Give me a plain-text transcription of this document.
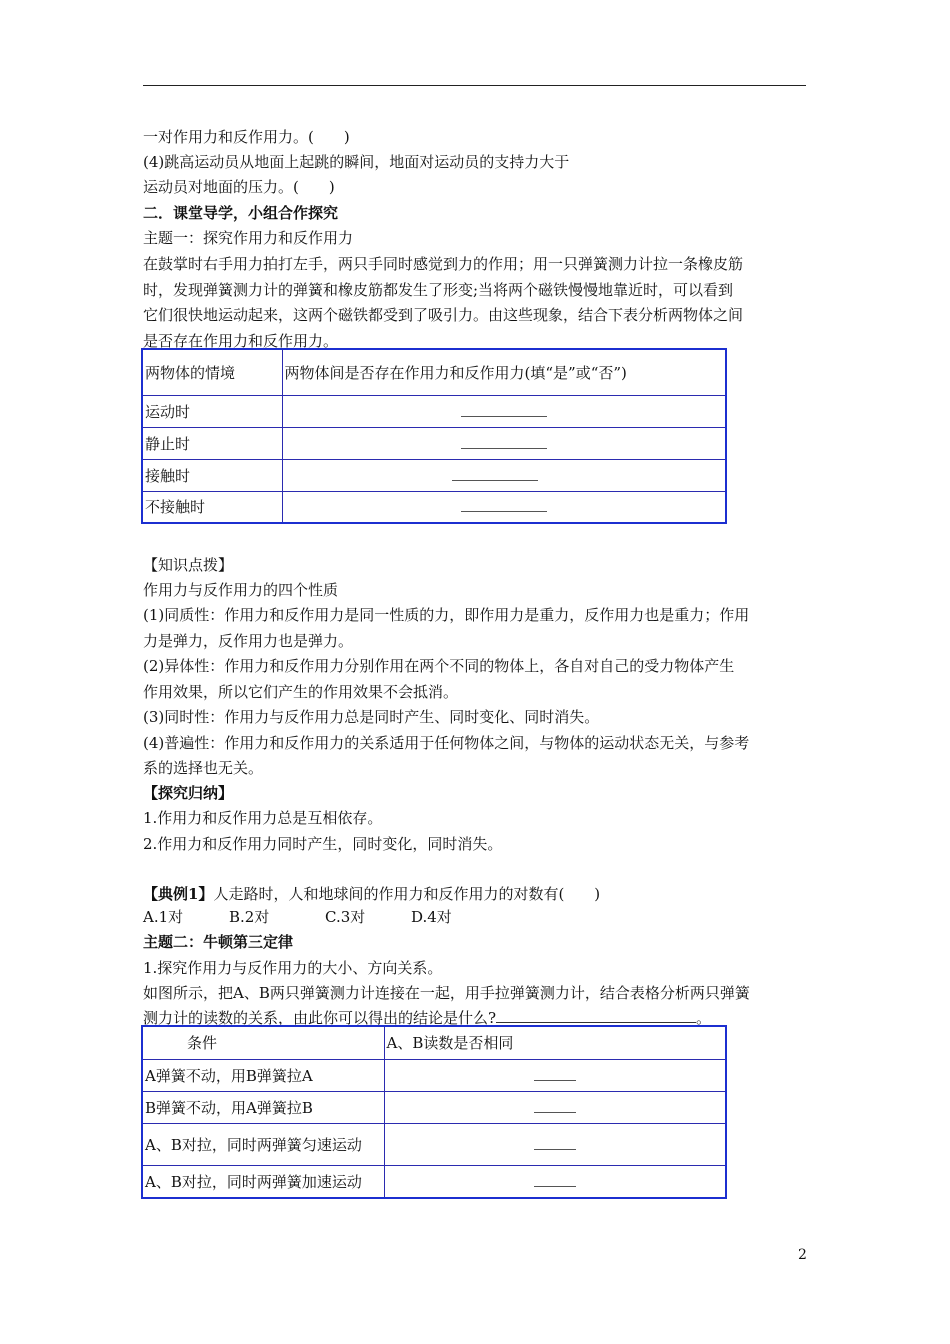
一对作用力和反作用力。(　　)
(4)跳高运动员从地面上起跳的瞬间，地面对运动员的支持力大于
运动员对地面的压力。(　　)
二．课堂导学，小组合作探究
主题一：探究作用力和反作用力
在鼓掌时右手用力拍打左手，两只手同时感觉到力的作用；用一只弹簧测力计拉一条橡皮筋
时，发现弹簧测力计的弹簧和橡皮筋都发生了形变;当将两个磁铁慢慢地靠近时，可以看到
它们很快地运动起来，这两个磁铁都受到了吸引力。由这些现象，结合下表分析两物体之间
是否存在作用力和反作用力。
两物体的情境	两物体间是否存在作用力和反作用力(填“是”或“否”)
运动时	
静止时	
接触时	
不接触时	
【知识点拨】
作用力与反作用力的四个性质
(1)同质性：作用力和反作用力是同一性质的力，即作用力是重力，反作用力也是重力；作用
力是弹力，反作用力也是弹力。
(2)异体性：作用力和反作用力分别作用在两个不同的物体上，各自对自己的受力物体产生
作用效果，所以它们产生的作用效果不会抵消。
(3)同时性：作用力与反作用力总是同时产生、同时变化、同时消失。
(4)普遍性：作用力和反作用力的关系适用于任何物体之间，与物体的运动状态无关，与参考
系的选择也无关。
【探究归纳】
1.作用力和反作用力总是互相依存。
2.作用力和反作用力同时产生，同时变化，同时消失。
【典例1】人走路时，人和地球间的作用力和反作用力的对数有(　　)
A.1对	B.2对	C.3对	D.4对
主题二：牛顿第三定律
1.探究作用力与反作用力的大小、方向关系。
如图所示，把A、B两只弹簧测力计连接在一起，用手拉弹簧测力计，结合表格分析两只弹簧
测力计的读数的关系，由此你可以得出的结论是什么?	。
条件	A、B读数是否相同
A弹簧不动，用B弹簧拉A	
B弹簧不动，用A弹簧拉B	
A、B对拉，同时两弹簧匀速运动	
A、B对拉，同时两弹簧加速运动	
2
